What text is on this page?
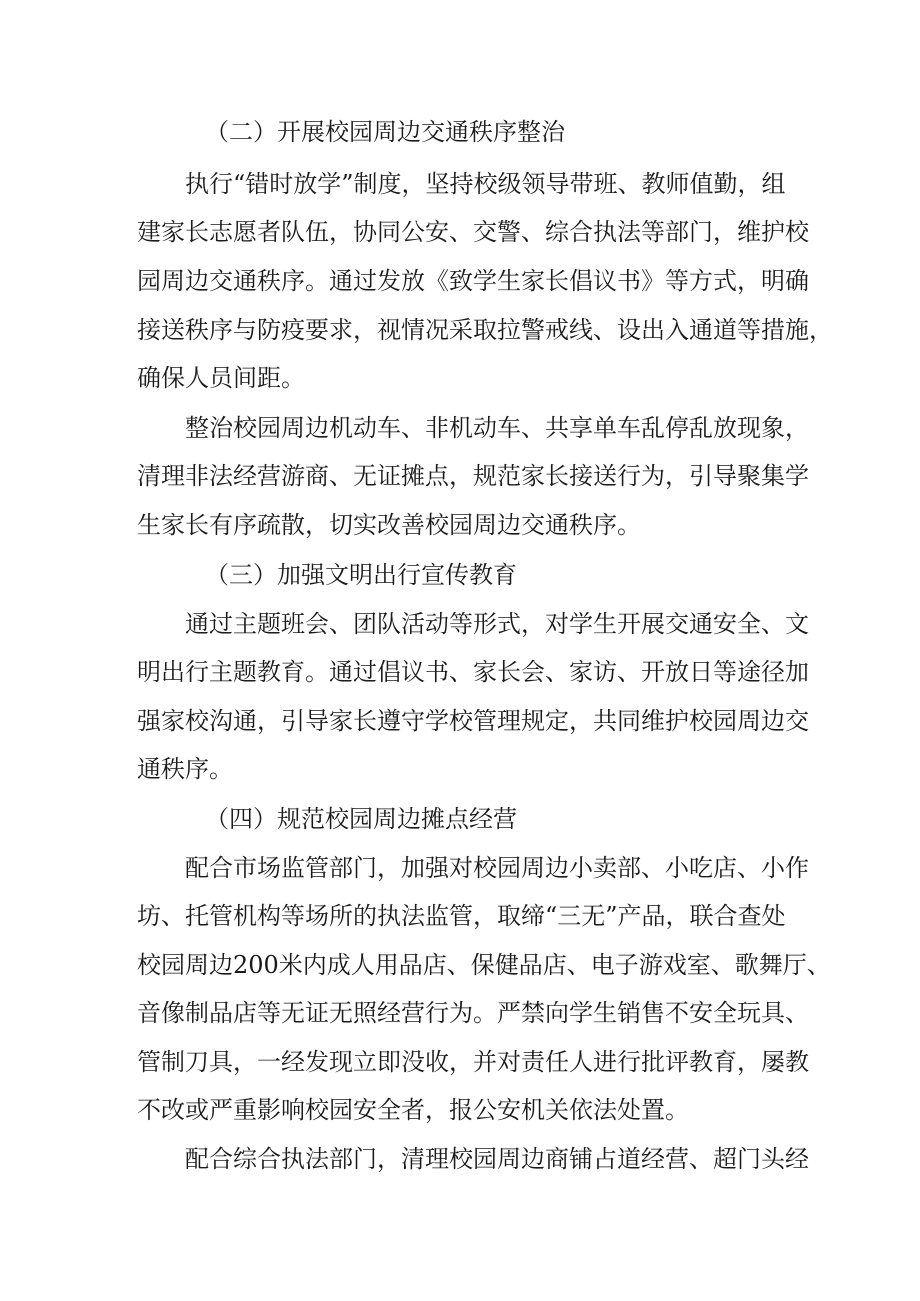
（二）开展校园周边交通秩序整治
执行“错时放学”制度，坚持校级领导带班、教师值勤，组
建家长志愿者队伍，协同公安、交警、综合执法等部门，维护校
园周边交通秩序。通过发放《致学生家长倡议书》等方式，明确
接送秩序与防疫要求，视情况采取拉警戒线、设出入通道等措施，
确保人员间距。
整治校园周边机动车、非机动车、共享单车乱停乱放现象，
清理非法经营游商、无证摊点，规范家长接送行为，引导聚集学
生家长有序疏散，切实改善校园周边交通秩序。
（三）加强文明出行宣传教育
通过主题班会、团队活动等形式，对学生开展交通安全、文
明出行主题教育。通过倡议书、家长会、家访、开放日等途径加
强家校沟通，引导家长遵守学校管理规定，共同维护校园周边交
通秩序。
（四）规范校园周边摊点经营
配合市场监管部门，加强对校园周边小卖部、小吃店、小作
坊、托管机构等场所的执法监管，取缔“三无”产品，联合查处
校园周边200米内成人用品店、保健品店、电子游戏室、歌舞厅、
音像制品店等无证无照经营行为。严禁向学生销售不安全玩具、
管制刀具，一经发现立即没收，并对责任人进行批评教育，屡教
不改或严重影响校园安全者，报公安机关依法处置。
配合综合执法部门，清理校园周边商铺占道经营、超门头经
